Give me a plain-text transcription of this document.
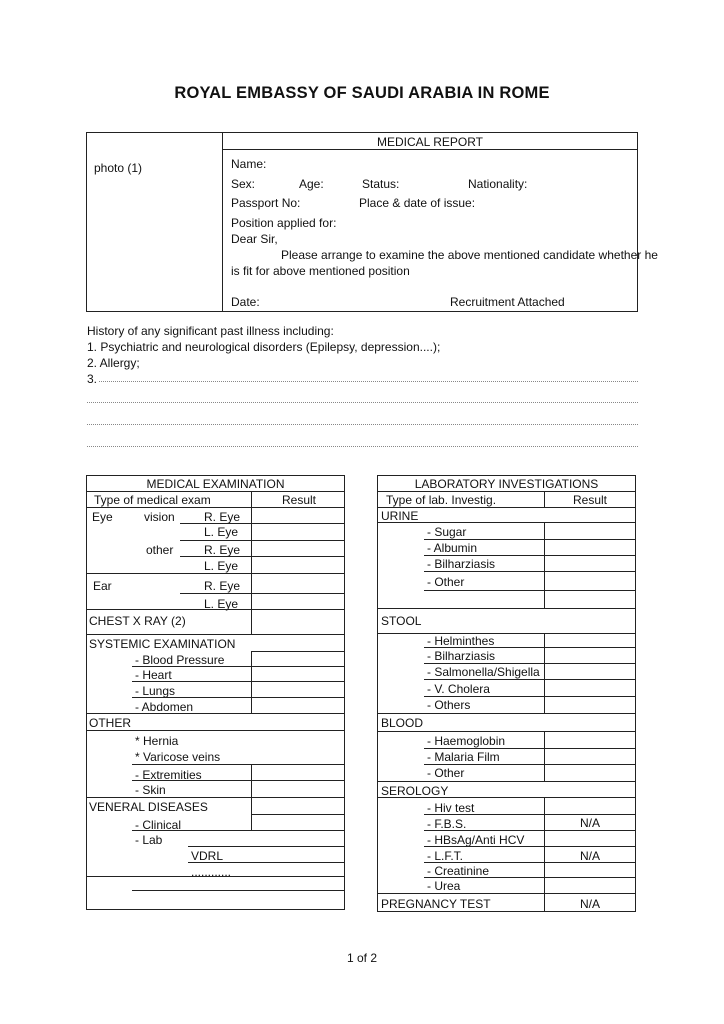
ROYAL EMBASSY OF SAUDI ARABIA IN ROME
photo (1)
MEDICAL REPORT
Name:
Sex:	Age:	Status:	Nationality:
Passport No:	Place & date of issue:
Position applied for:
Dear Sir,
Please arrange to examine the above mentioned candidate whether he
is fit for above mentioned position
Date:	Recruitment Attached
History of any significant past illness including:
1. Psychiatric and neurological disorders (Epilepsy, depression....);
2. Allergy;
3.
MEDICAL EXAMINATION
Type of medical exam	Result
Eye	vision R. Eye
L. Eye
other	R. Eye
L. Eye
Ear	R. Eye
L. Eye
CHEST X RAY (2)
SYSTEMIC EXAMINATION
- Blood Pressure
- Heart
- Lungs
- Abdomen
OTHER
* Hernia
* Varicose veins
- Extremities
- Skin
VENERAL DISEASES
- Clinical
- Lab
VDRL
............
LABORATORY INVESTIGATIONS
Type of lab. Investig.	Result
URINE
- Sugar
- Albumin
- Bilharziasis
- Other
STOOL
- Helminthes
- Bilharziasis
- Salmonella/Shigella
- V. Cholera
- Others
BLOOD
- Haemoglobin
- Malaria Film
- Other
SEROLOGY
- Hiv test
- F.B.S.	N/A
- HBsAg/Anti HCV
- L.F.T.	N/A
- Creatinine
- Urea
PREGNANCY TEST	N/A
1 of 2
